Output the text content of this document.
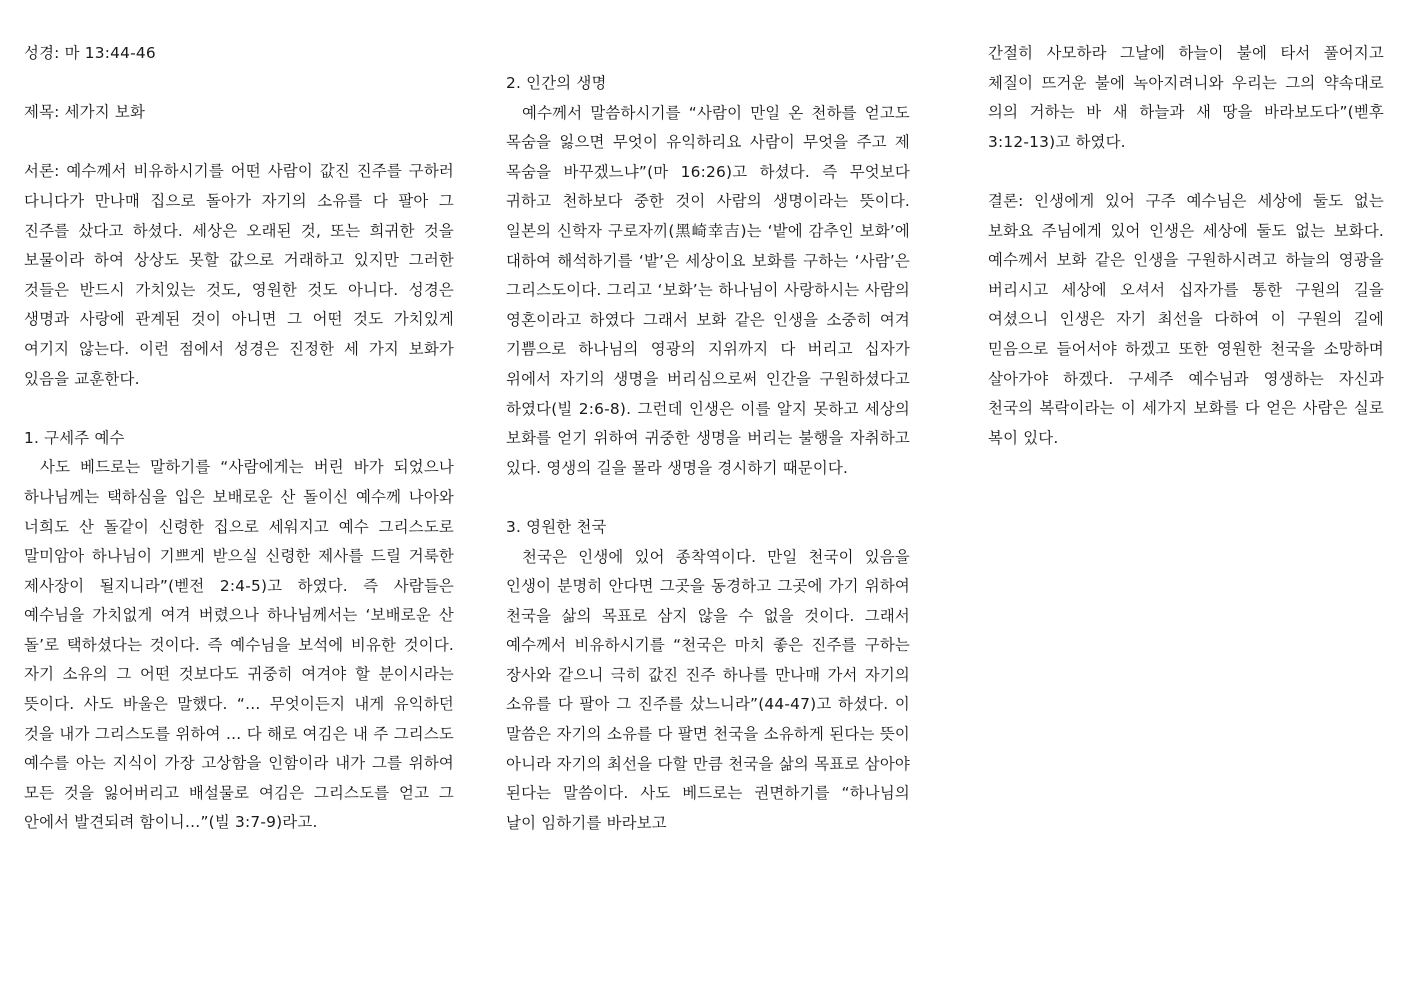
성경: 마 13:44-46

제목: 세가지 보화

서론: 예수께서 비유하시기를 어떤 사람이 값진 진주를 구하러 다니다가 만나매 집으로 돌아가 자기의 소유를 다 팔아 그 진주를 샀다고 하셨다. 세상은 오래된 것, 또는 희귀한 것을 보물이라 하여 상상도 못할 값으로 거래하고 있지만 그러한 것들은 반드시 가치있는 것도, 영원한 것도 아니다. 성경은 생명과 사랑에 관계된 것이 아니면 그 어떤 것도 가치있게 여기지 않는다. 이런 점에서 성경은 진정한 세 가지 보화가 있음을 교훈한다.

1. 구세주 예수

사도 베드로는 말하기를 “사람에게는 버린 바가 되었으나 하나님께는 택하심을 입은 보배로운 산 돌이신 예수께 나아와 너희도 산 돌같이 신령한 집으로 세워지고 예수 그리스도로 말미암아 하나님이 기쁘게 받으실 신령한 제사를 드릴 거룩한 제사장이 될지니라”(벧전 2:4-5)고 하였다. 즉 사람들은 예수님을 가치없게 여겨 버렸으나 하나님께서는 ‘보배로운 산 돌’로 택하셨다는 것이다. 즉 예수님을 보석에 비유한 것이다. 자기 소유의 그 어떤 것보다도 귀중히 여겨야 할 분이시라는 뜻이다. 사도 바울은 말했다. “… 무엇이든지 내게 유익하던 것을 내가 그리스도를 위하여 … 다 해로 여김은 내 주 그리스도 예수를 아는 지식이 가장 고상함을 인함이라 내가 그를 위하여 모든 것을 잃어버리고 배설물로 여김은 그리스도를 얻고 그 안에서 발견되려 함이니…”(빌 3:7-9)라고.

2. 인간의 생명

예수께서 말씀하시기를 “사람이 만일 온 천하를 얻고도 목숨을 잃으면 무엇이 유익하리요 사람이 무엇을 주고 제 목숨을 바꾸겠느냐”(마 16:26)고 하셨다. 즉 무엇보다 귀하고 천하보다 중한 것이 사람의 생명이라는 뜻이다. 일본의 신학자 구로자끼(黑崎幸吉)는 ‘밭에 감추인 보화’에 대하여 해석하기를 ‘밭’은 세상이요 보화를 구하는 ‘사람’은 그리스도이다. 그리고 ‘보화’는 하나님이 사랑하시는 사람의 영혼이라고 하였다 그래서 보화 같은 인생을 소중히 여겨 기쁨으로 하나님의 영광의 지위까지 다 버리고 십자가 위에서 자기의 생명을 버리심으로써 인간을 구원하셨다고 하였다(빌 2:6-8). 그런데 인생은 이를 알지 못하고 세상의 보화를 얻기 위하여 귀중한 생명을 버리는 불행을 자취하고 있다. 영생의 길을 몰라 생명을 경시하기 때문이다.

3. 영원한 천국

천국은 인생에 있어 종착역이다. 만일 천국이 있음을 인생이 분명히 안다면 그곳을 동경하고 그곳에 가기 위하여 천국을 삶의 목표로 삼지 않을 수 없을 것이다. 그래서 예수께서 비유하시기를 “천국은 마치 좋은 진주를 구하는 장사와 같으니 극히 값진 진주 하나를 만나매 가서 자기의 소유를 다 팔아 그 진주를 샀느니라”(44-47)고 하셨다. 이 말씀은 자기의 소유를 다 팔면 천국을 소유하게 된다는 뜻이 아니라 자기의 최선을 다할 만큼 천국을 삶의 목표로 삼아야 된다는 말씀이다. 사도 베드로는 권면하기를 “하나님의 날이 임하기를 바라보고

간절히 사모하라 그날에 하늘이 불에 타서 풀어지고 체질이 뜨거운 불에 녹아지려니와 우리는 그의 약속대로 의의 거하는 바 새 하늘과 새 땅을 바라보도다”(벧후 3:12-13)고 하였다.

결론: 인생에게 있어 구주 예수님은 세상에 둘도 없는 보화요 주님에게 있어 인생은 세상에 둘도 없는 보화다. 예수께서 보화 같은 인생을 구원하시려고 하늘의 영광을 버리시고 세상에 오셔서 십자가를 통한 구원의 길을 여셨으니 인생은 자기 최선을 다하여 이 구원의 길에 믿음으로 들어서야 하겠고 또한 영원한 천국을 소망하며 살아가야 하겠다. 구세주 예수님과 영생하는 자신과 천국의 복락이라는 이 세가지 보화를 다 얻은 사람은 실로 복이 있다.
